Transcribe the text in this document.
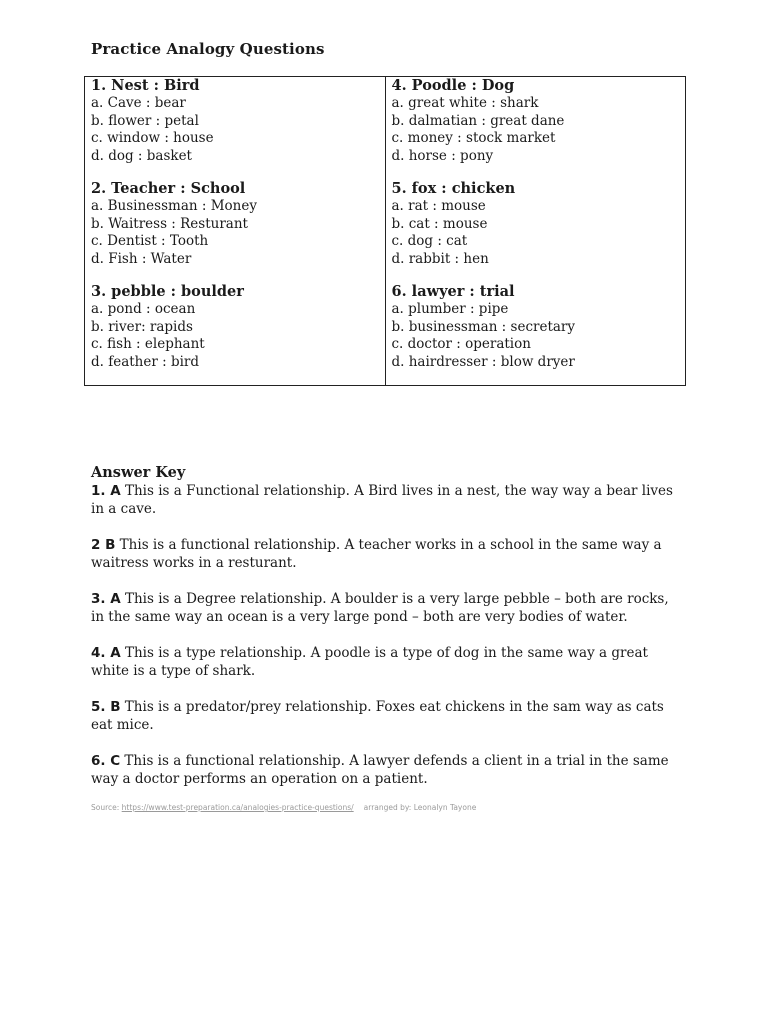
Practice Analogy Questions
1. Nest : Bird
a. Cave : bear
b. flower : petal
c. window : house
d. dog : basket
2. Teacher : School
a. Businessman : Money
b. Waitress : Resturant
c. Dentist : Tooth
d. Fish : Water
3. pebble : boulder
a. pond : ocean
b. river: rapids
c. fish : elephant
d. feather : bird

4. Poodle : Dog
a. great white : shark
b. dalmatian : great dane
c. money : stock market
d. horse : pony
5. fox : chicken
a. rat : mouse
b. cat : mouse
c. dog : cat
d. rabbit : hen
6. lawyer : trial
a. plumber : pipe
b. businessman : secretary
c. doctor : operation
d. hairdresser : blow dryer
Answer Key
1. A This is a Functional relationship. A Bird lives in a nest, the way way a bear lives in a cave.
2 B This is a functional relationship. A teacher works in a school in the same way a waitress works in a resturant.
3. A This is a Degree relationship. A boulder is a very large pebble – both are rocks, in the same way an ocean is a very large pond – both are very bodies of water.
4. A This is a type relationship. A poodle is a type of dog in the same way a great white is a type of shark.
5. B This is a predator/prey relationship. Foxes eat chickens in the sam way as cats eat mice.
6. C This is a functional relationship. A lawyer defends a client in a trial in the same way a doctor performs an operation on a patient.
Source: https://www.test-preparation.ca/analogies-practice-questions/ arranged by: Leonalyn Tayone
